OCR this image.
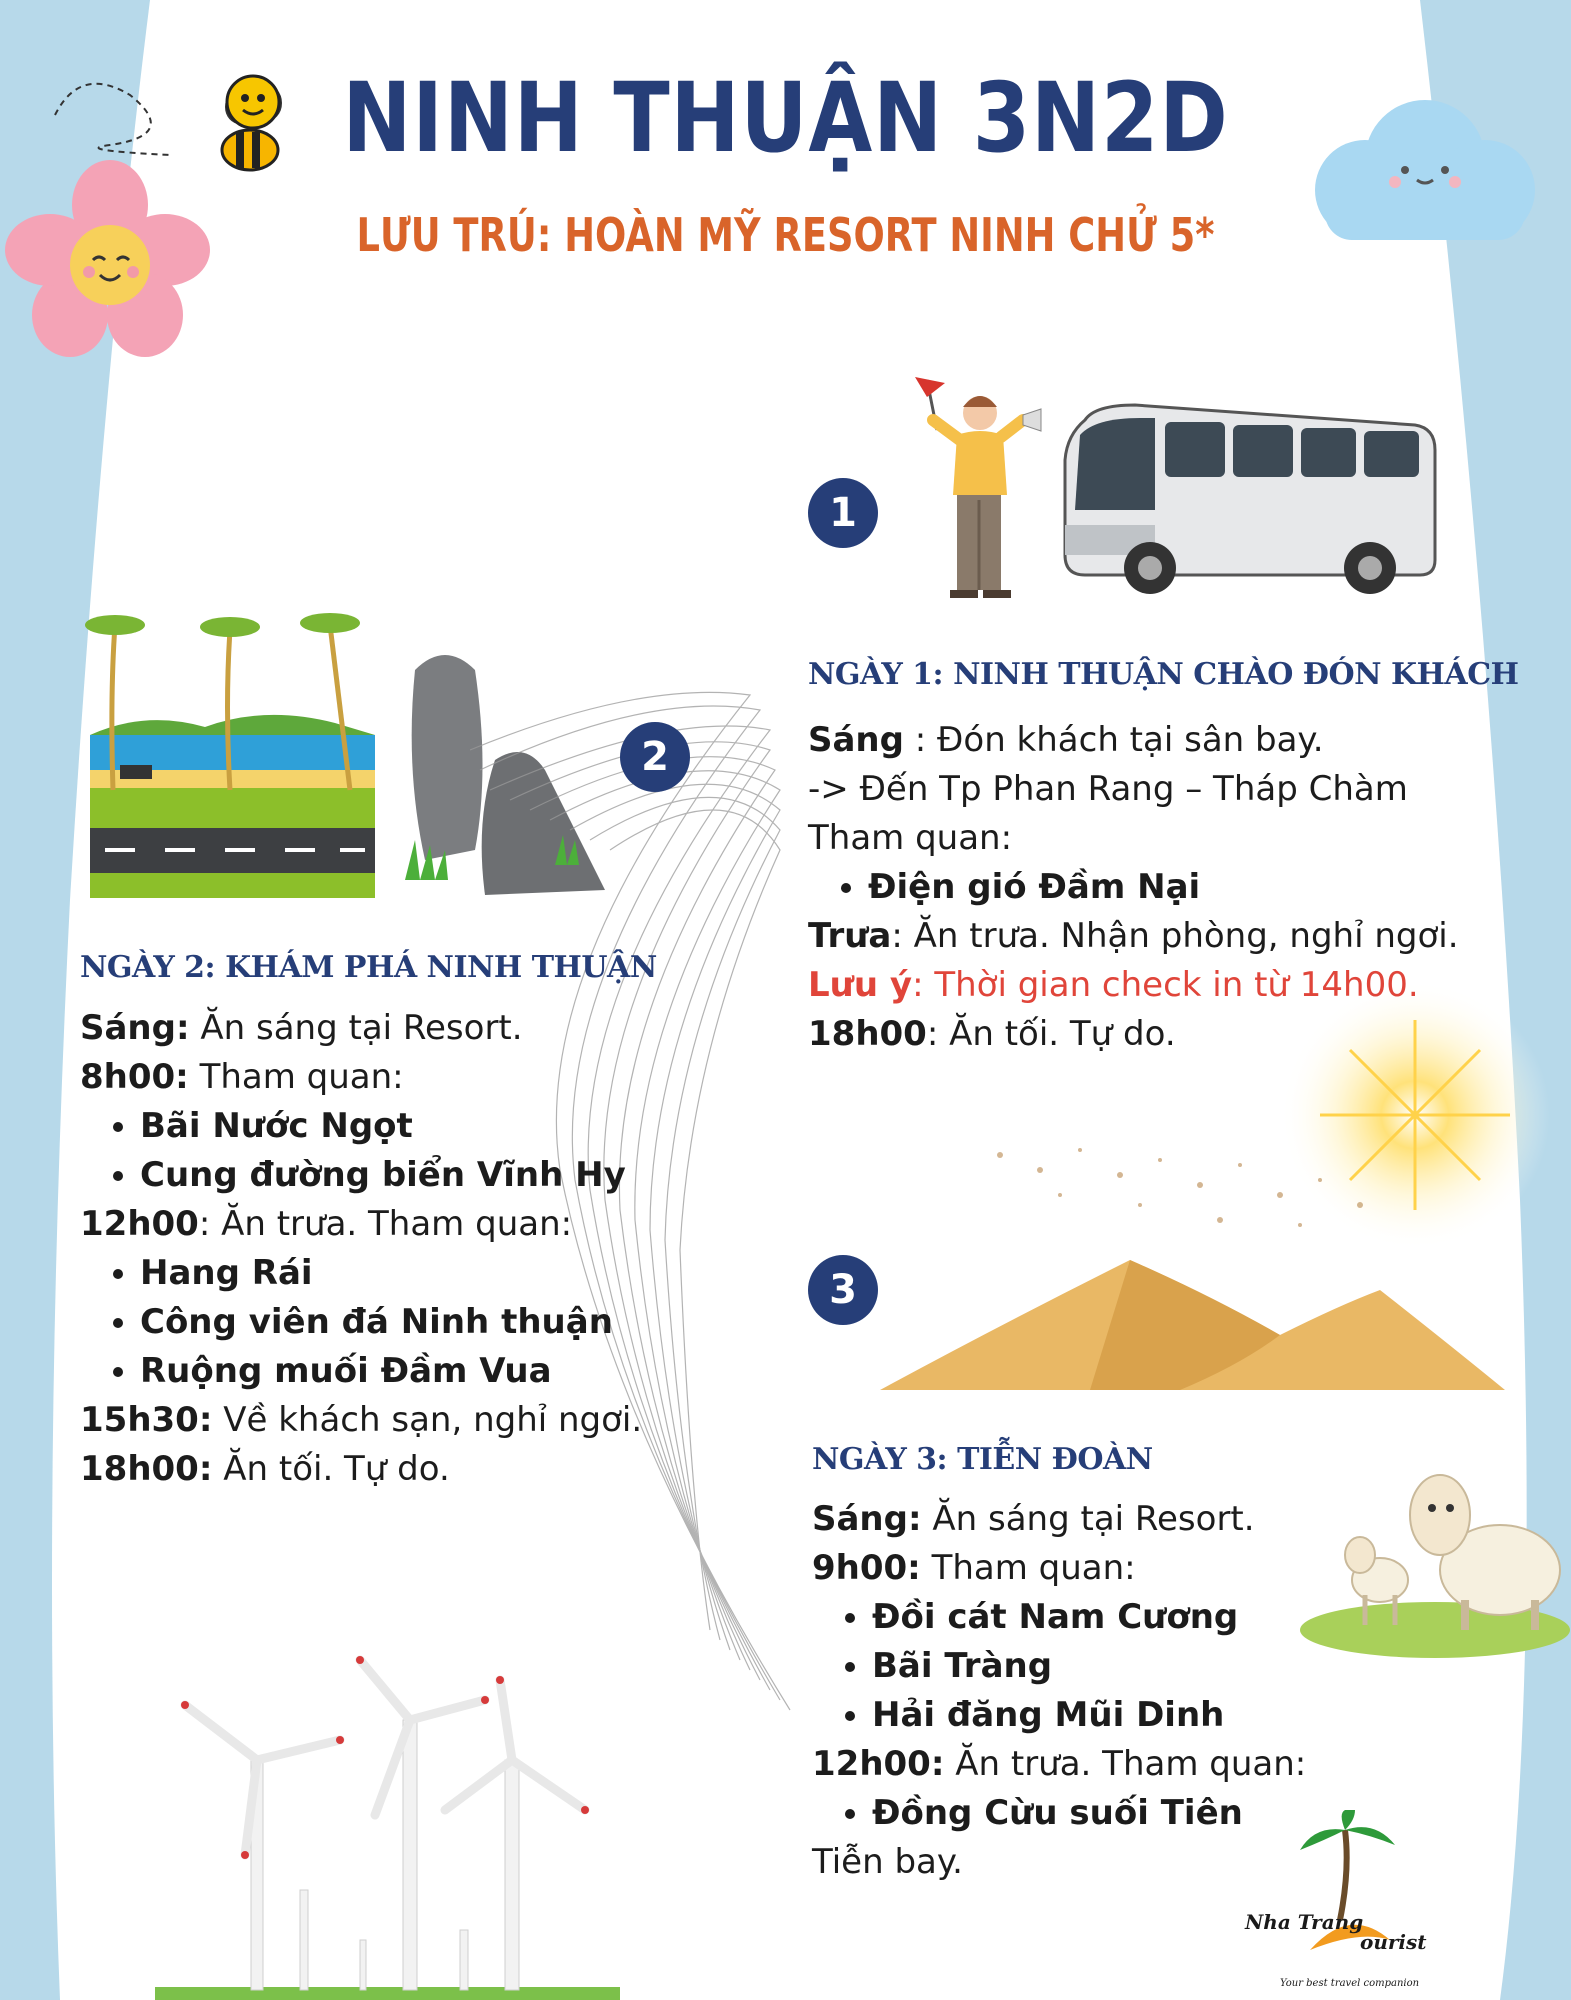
Nha Trang
ourist
Your best travel companion
NINH THUẬN 3N2D
LƯU TRÚ: HOÀN MỸ RESORT NINH CHỬ 5*
1
2
3
NGÀY 1: NINH THUẬN CHÀO ĐÓN KHÁCH

Sáng : Đón khách tại sân bay.

-> Đến Tp Phan Rang – Tháp Chàm

Tham quan:

• Điện gió Đầm Nại

Trưa: Ăn trưa. Nhận phòng, nghỉ ngơi.

Lưu ý: Thời gian check in từ 14h00.

18h00: Ăn tối. Tự do.

NGÀY 2: KHÁM PHÁ NINH THUẬN

Sáng: Ăn sáng tại Resort.

8h00: Tham quan:

• Bãi Nước Ngọt
• Cung đường biển Vĩnh Hy

12h00: Ăn trưa. Tham quan:

• Hang Rái
• Công viên đá Ninh thuận
• Ruộng muối Đầm Vua

15h30: Về khách sạn, nghỉ ngơi.

18h00: Ăn tối. Tự do.	NGÀY 3: TIỄN ĐOÀN

Sáng: Ăn sáng tại Resort.

9h00: Tham quan:

• Đồi cát Nam Cương
• Bãi Tràng
• Hải đăng Mũi Dinh

12h00: Ăn trưa. Tham quan:

• Đồng Cừu suối Tiên

Tiễn bay.
